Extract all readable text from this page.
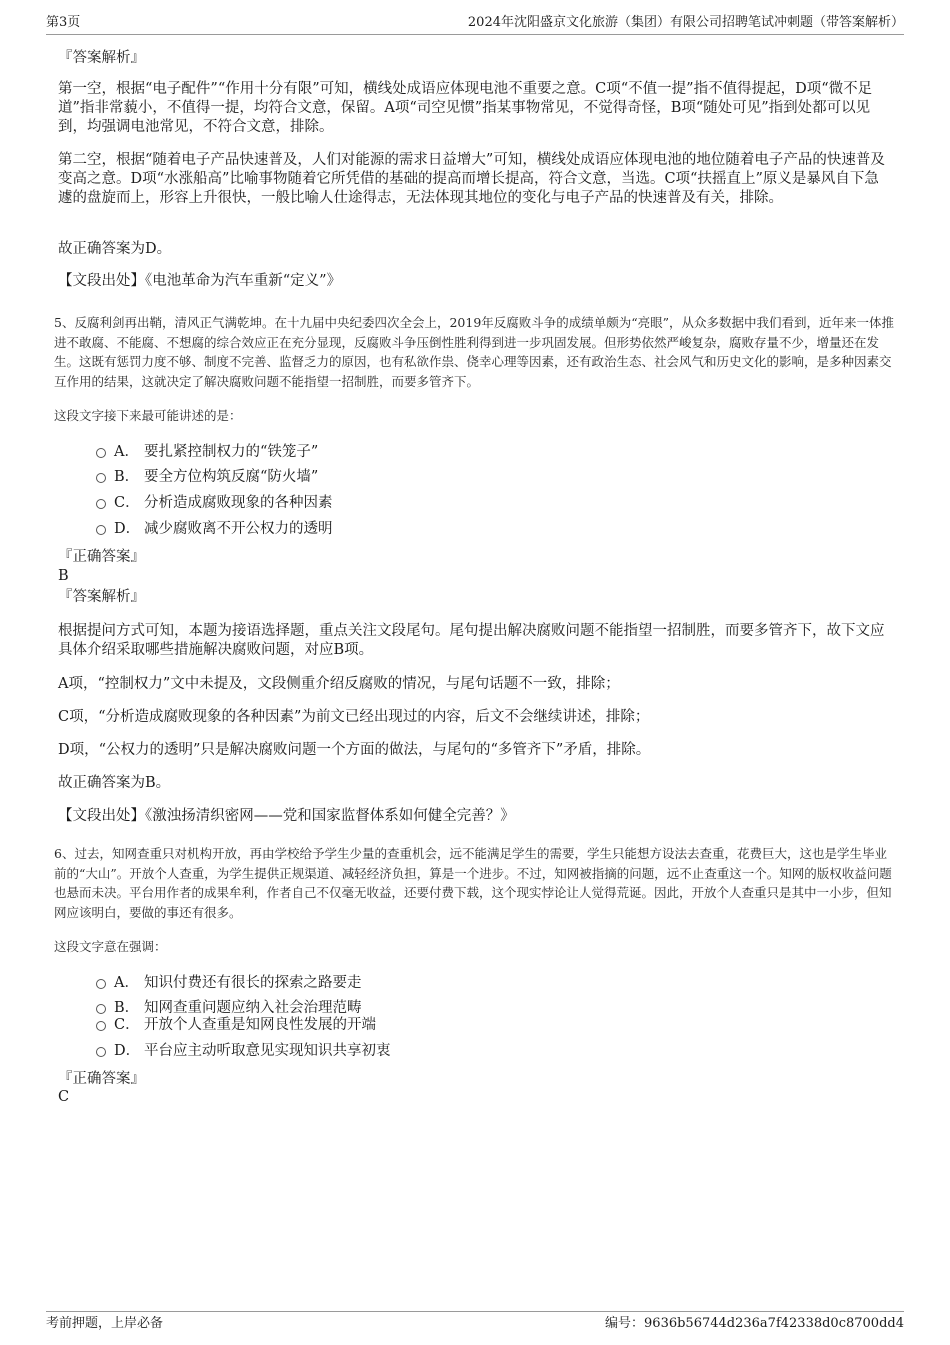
第3页	2024年沈阳盛京文化旅游（集团）有限公司招聘笔试冲刺题（带答案解析）

『答案解析』

第一空，根据“电子配件”“作用十分有限”可知，横线处成语应体现电池不重要之意。C项“不值一提”指不值得提起，D项“微不足道”指非常藐小，不值得一提，均符合文意，保留。A项“司空见惯”指某事物常见，不觉得奇怪，B项“随处可见”指到处都可以见到，均强调电池常见，不符合文意，排除。

第二空，根据“随着电子产品快速普及，人们对能源的需求日益增大”可知，横线处成语应体现电池的地位随着电子产品的快速普及变高之意。D项“水涨船高”比喻事物随着它所凭借的基础的提高而增长提高，符合文意，当选。C项“扶摇直上”原义是暴风自下急遽的盘旋而上，形容上升很快，一般比喻人仕途得志，无法体现其地位的变化与电子产品的快速普及有关，排除。

故正确答案为D。

【文段出处】《电池革命为汽车重新“定义”》

5、反腐利剑再出鞘，清风正气满乾坤。在十九届中央纪委四次全会上，2019年反腐败斗争的成绩单颇为“亮眼”，从众多数据中我们看到，近年来一体推进不敢腐、不能腐、不想腐的综合效应正在充分显现，反腐败斗争压倒性胜利得到进一步巩固发展。但形势依然严峻复杂，腐败存量不少，增量还在发生。这既有惩罚力度不够、制度不完善、监督乏力的原因，也有私欲作祟、侥幸心理等因素，还有政治生态、社会风气和历史文化的影响，是多种因素交互作用的结果，这就决定了解决腐败问题不能指望一招制胜，而要多管齐下。

这段文字接下来最可能讲述的是：

A． 要扎紧控制权力的“铁笼子”
B． 要全方位构筑反腐“防火墙”
C． 分析造成腐败现象的各种因素
D． 减少腐败离不开公权力的透明

『正确答案』

B

『答案解析』

根据提问方式可知，本题为接语选择题，重点关注文段尾句。尾句提出解决腐败问题不能指望一招制胜，而要多管齐下，故下文应具体介绍采取哪些措施解决腐败问题，对应B项。

A项，“控制权力”文中未提及，文段侧重介绍反腐败的情况，与尾句话题不一致，排除；

C项，“分析造成腐败现象的各种因素”为前文已经出现过的内容，后文不会继续讲述，排除；

D项，“公权力的透明”只是解决腐败问题一个方面的做法，与尾句的“多管齐下”矛盾，排除。

故正确答案为B。

【文段出处】《激浊扬清织密网——党和国家监督体系如何健全完善？》

6、过去，知网查重只对机构开放，再由学校给予学生少量的查重机会，远不能满足学生的需要，学生只能想方设法去查重，花费巨大，这也是学生毕业前的“大山”。开放个人查重，为学生提供正规渠道、减轻经济负担，算是一个进步。不过，知网被指摘的问题，远不止查重这一个。知网的版权收益问题也悬而未决。平台用作者的成果牟利，作者自己不仅毫无收益，还要付费下载，这个现实悖论让人觉得荒诞。因此，开放个人查重只是其中一小步，但知网应该明白，要做的事还有很多。

这段文字意在强调：

A． 知识付费还有很长的探索之路要走
B． 知网查重问题应纳入社会治理范畴
C． 开放个人查重是知网良性发展的开端
D． 平台应主动听取意见实现知识共享初衷

『正确答案』

C

考前押题，上岸必备	编号：9636b56744d236a7f42338d0c8700dd4
